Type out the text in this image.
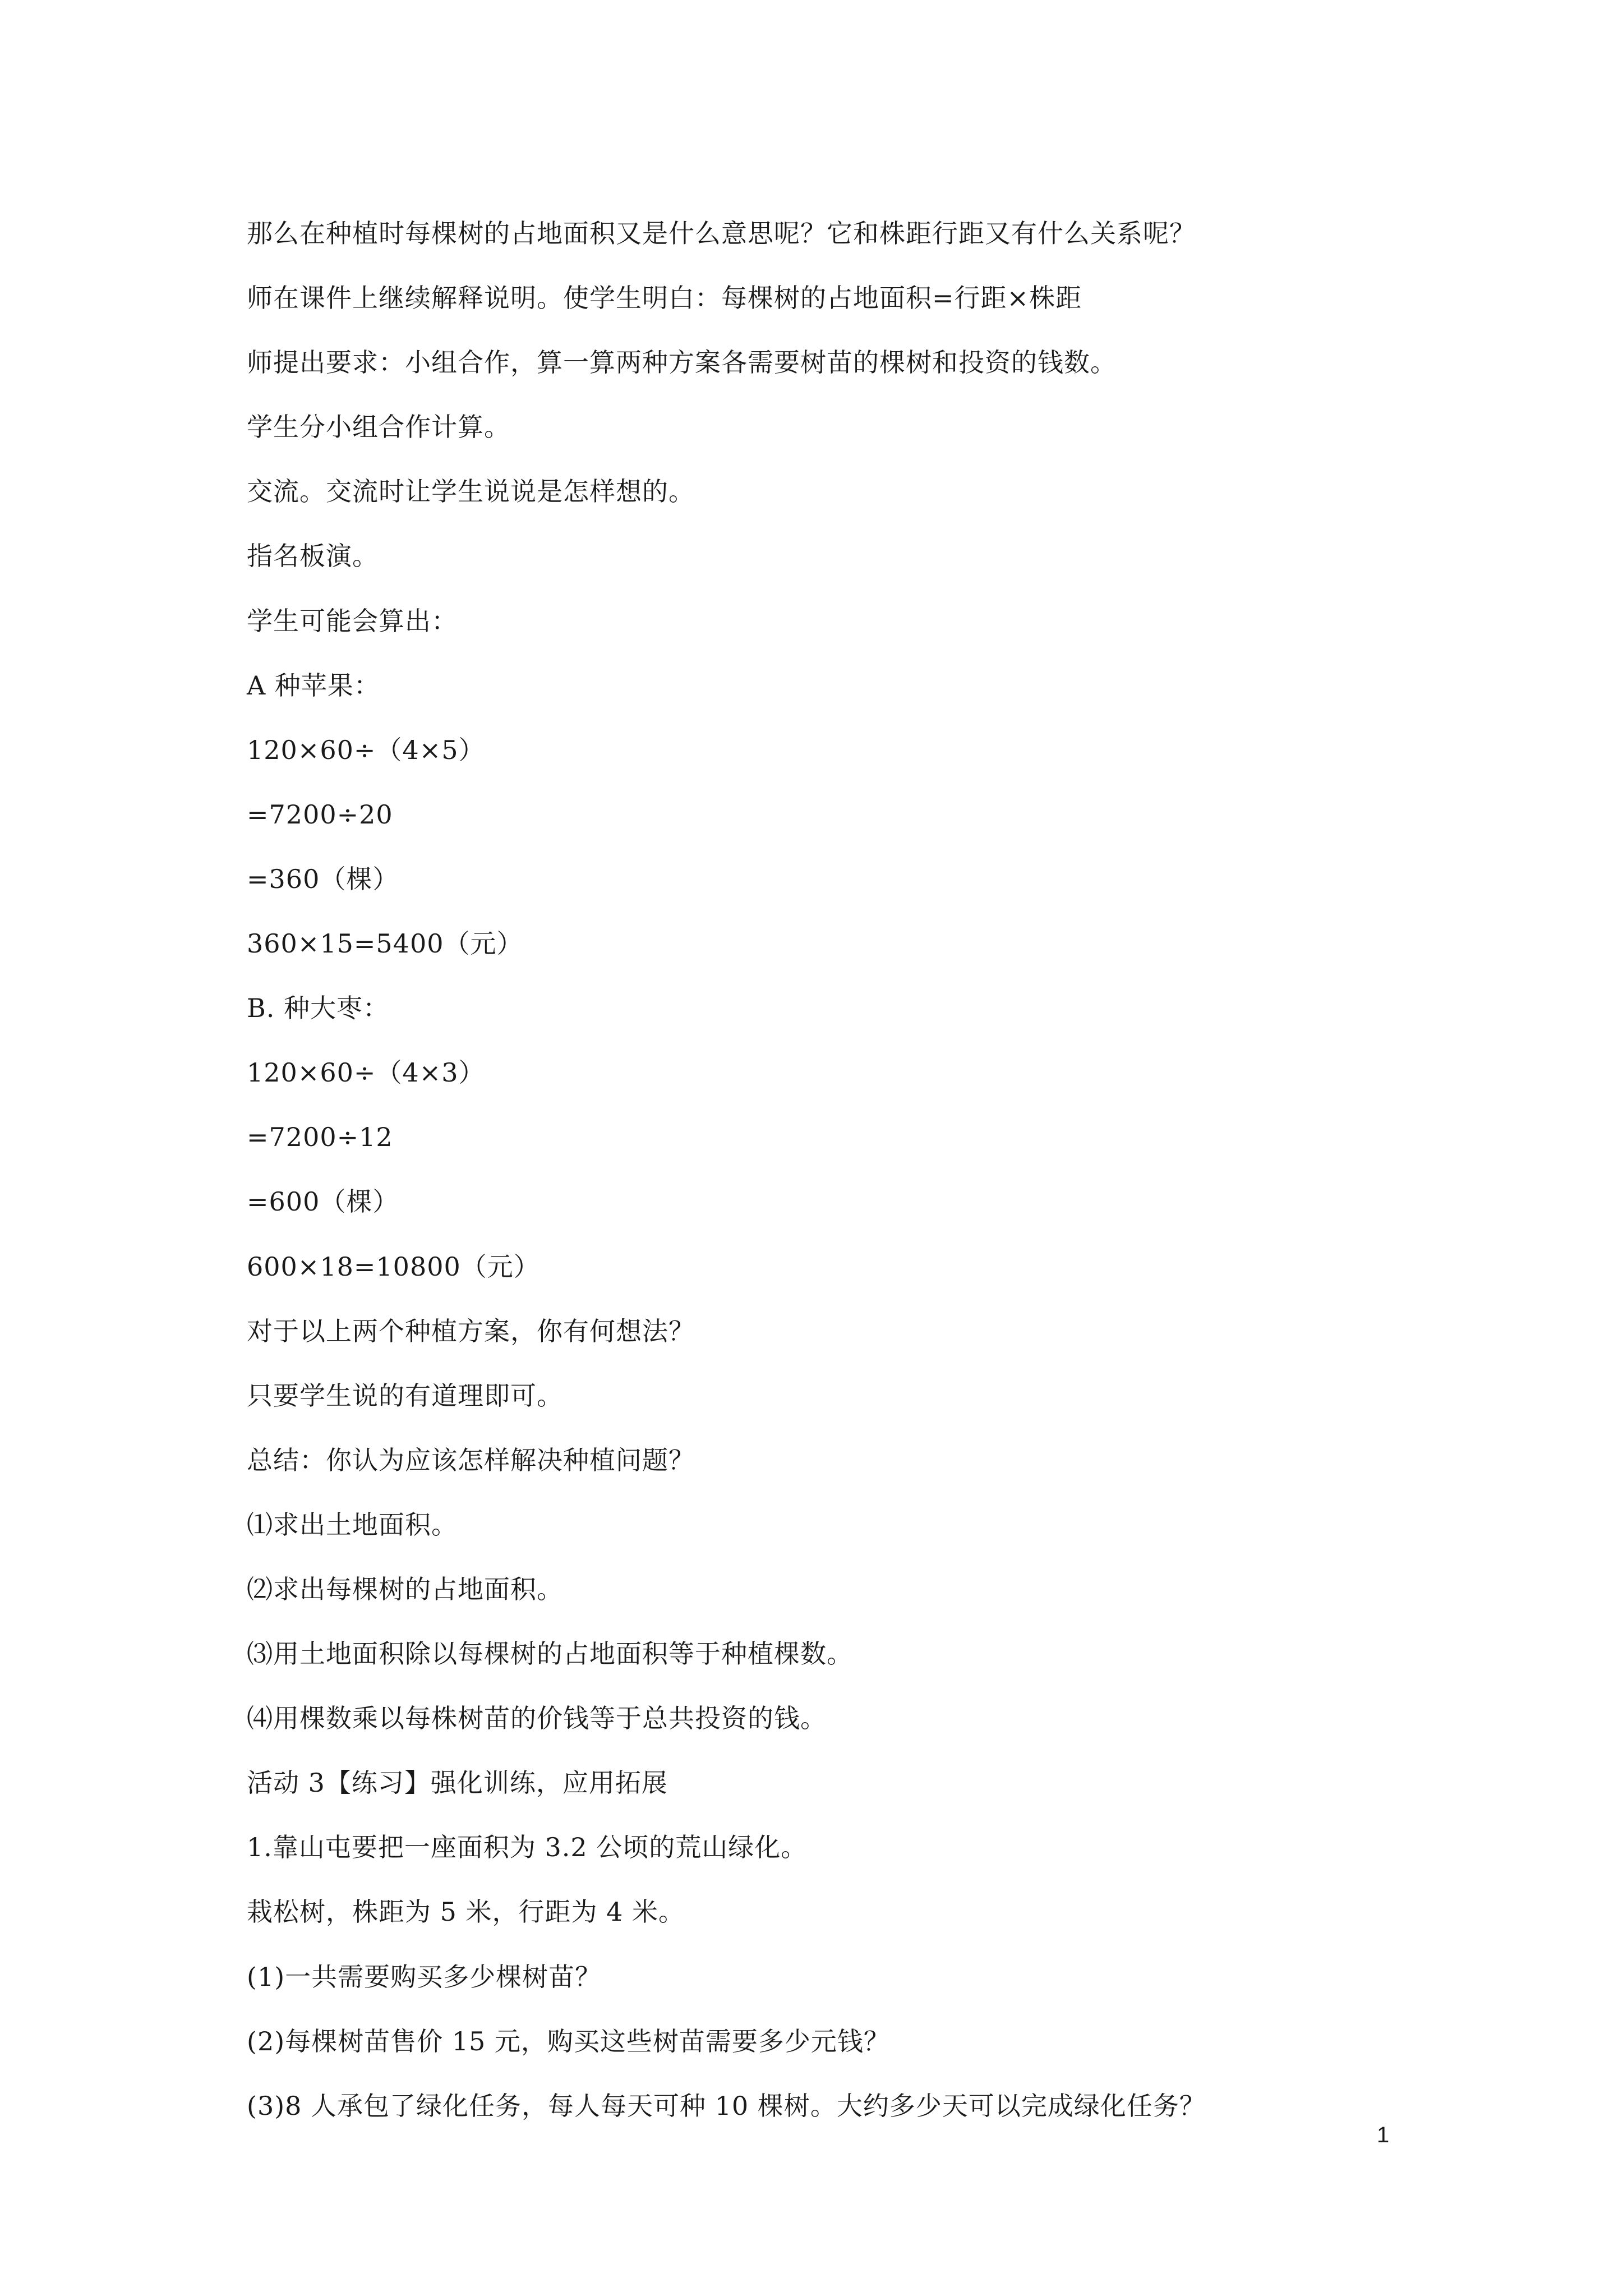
那么在种植时每棵树的占地面积又是什么意思呢？它和株距行距又有什么关系呢？
师在课件上继续解释说明。使学生明白：每棵树的占地面积=行距×株距
师提出要求：小组合作，算一算两种方案各需要树苗的棵树和投资的钱数。
学生分小组合作计算。
交流。交流时让学生说说是怎样想的。
指名板演。
学生可能会算出：
A 种苹果：
120×60÷（4×5）
=7200÷20
=360（棵）
360×15=5400（元）
B. 种大枣：
120×60÷（4×3）
=7200÷12
=600（棵）
600×18=10800（元）
对于以上两个种植方案，你有何想法？
只要学生说的有道理即可。
总结：你认为应该怎样解决种植问题？
⑴求出土地面积。
⑵求出每棵树的占地面积。
⑶用土地面积除以每棵树的占地面积等于种植棵数。
⑷用棵数乘以每株树苗的价钱等于总共投资的钱。
活动 3【练习】强化训练，应用拓展
1.靠山屯要把一座面积为 3.2 公顷的荒山绿化。
栽松树，株距为 5 米，行距为 4 米。
(1)一共需要购买多少棵树苗？
(2)每棵树苗售价 15 元，购买这些树苗需要多少元钱？
(3)8 人承包了绿化任务，每人每天可种 10 棵树。大约多少天可以完成绿化任务？
1
